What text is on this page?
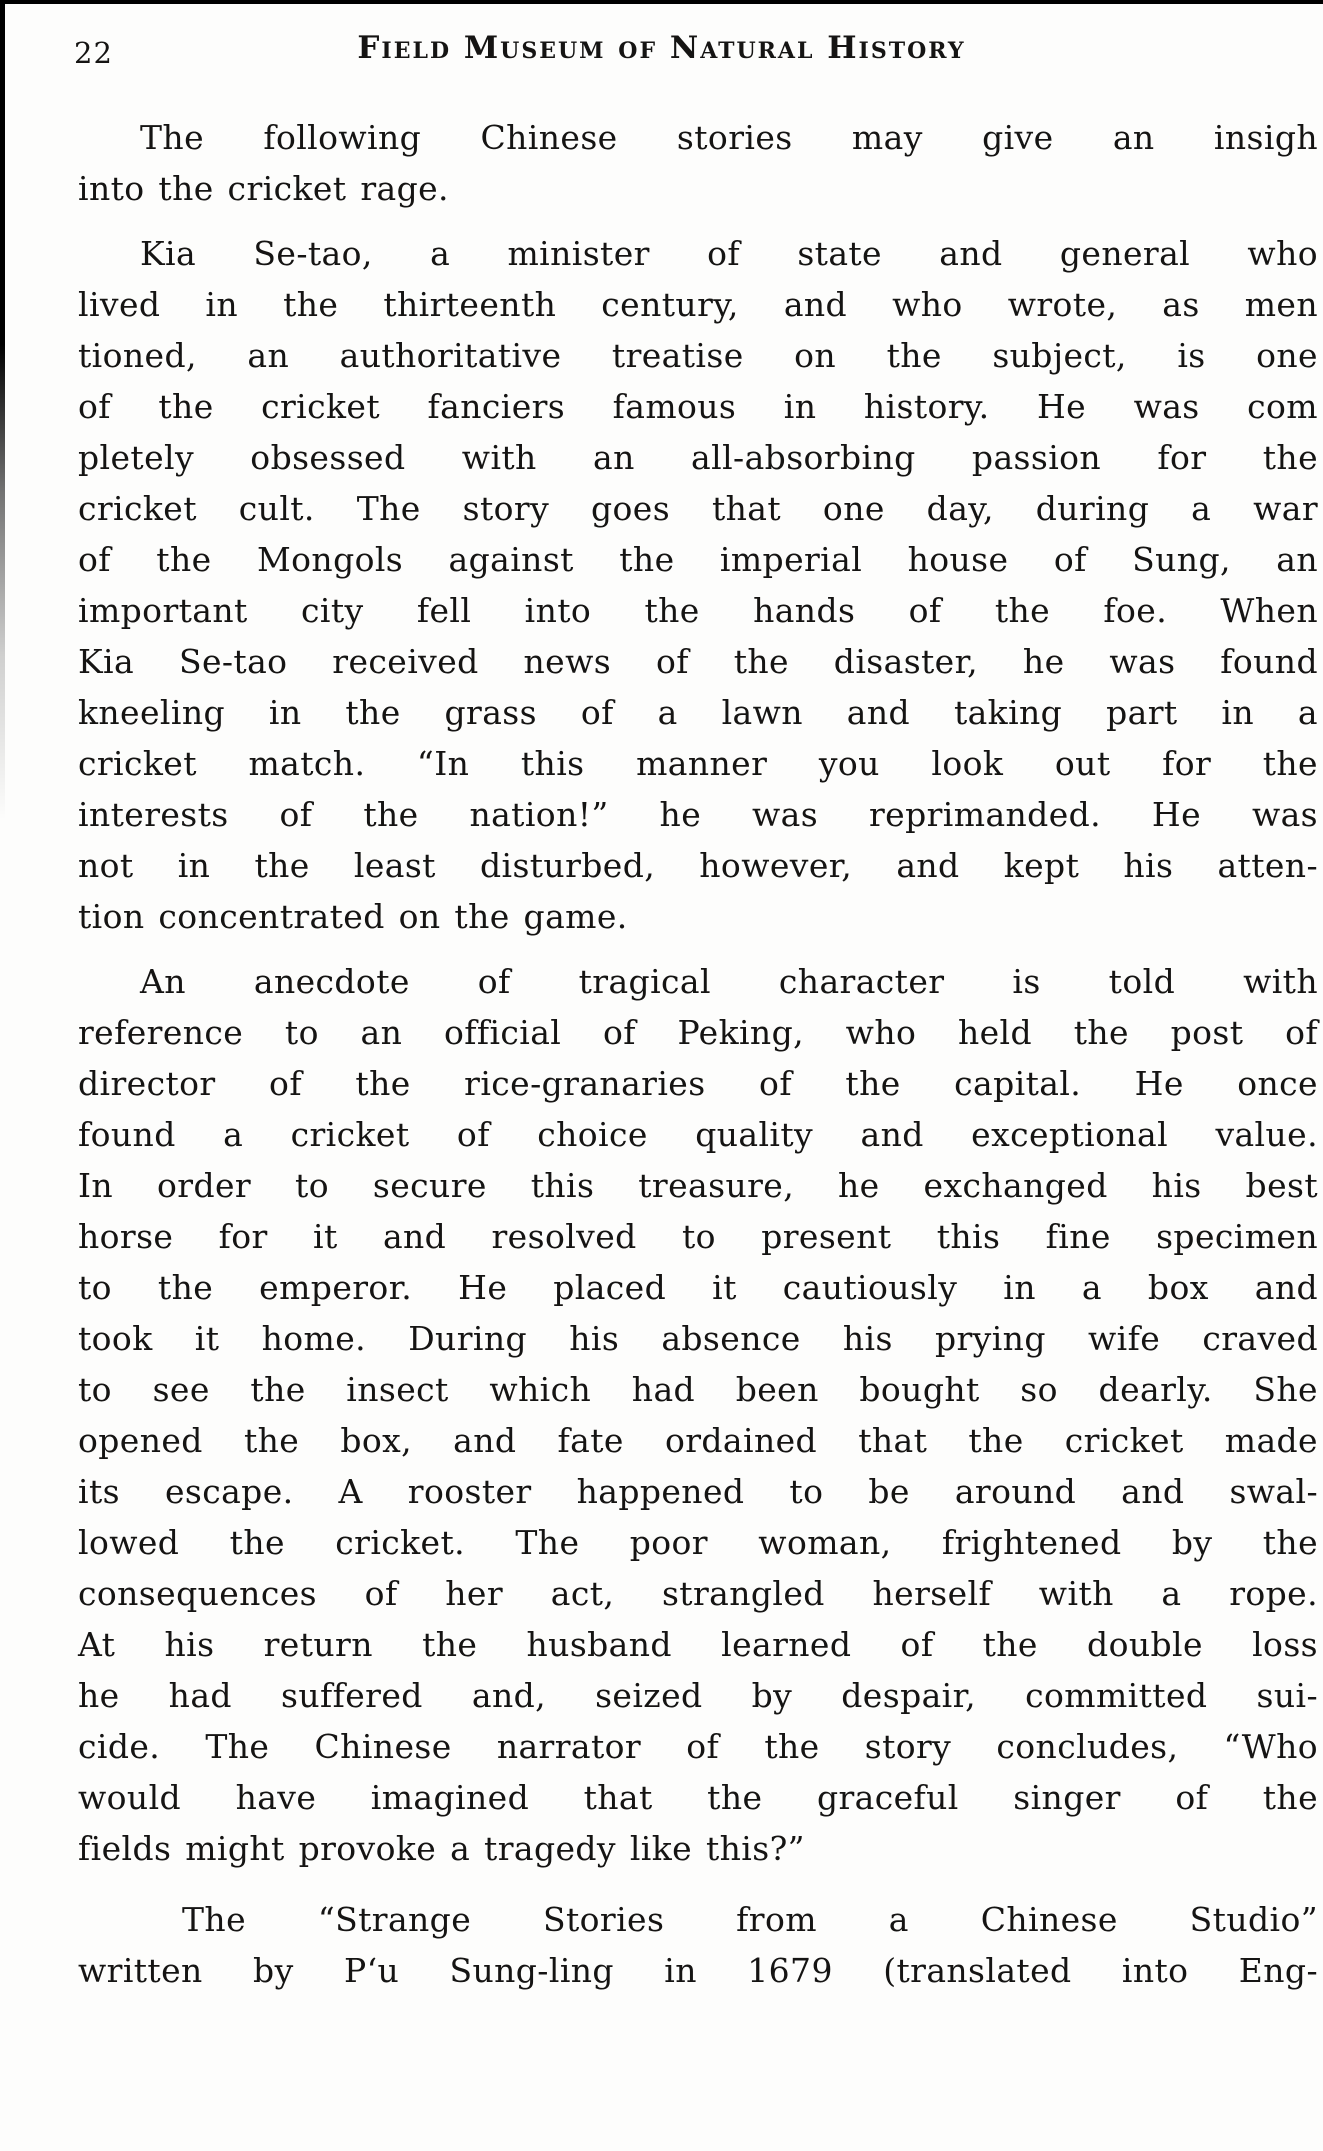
22	Field Museum of Natural History
The following Chinese stories may give an insigh
into the cricket rage.
Kia Se-tao, a minister of state and general who
lived in the thirteenth century, and who wrote, as men
tioned, an authoritative treatise on the subject, is one
of the cricket fanciers famous in history. He was com
pletely obsessed with an all-absorbing passion for the
cricket cult. The story goes that one day, during a war
of the Mongols against the imperial house of Sung, an
important city fell into the hands of the foe. When
Kia Se-tao received news of the disaster, he was found
kneeling in the grass of a lawn and taking part in a
cricket match. “In this manner you look out for the
interests of the nation!” he was reprimanded. He was
not in the least disturbed, however, and kept his atten-
tion concentrated on the game.
An anecdote of tragical character is told with
reference to an official of Peking, who held the post of
director of the rice-granaries of the capital. He once
found a cricket of choice quality and exceptional value.
In order to secure this treasure, he exchanged his best
horse for it and resolved to present this fine specimen
to the emperor. He placed it cautiously in a box and
took it home. During his absence his prying wife craved
to see the insect which had been bought so dearly. She
opened the box, and fate ordained that the cricket made
its escape. A rooster happened to be around and swal-
lowed the cricket. The poor woman, frightened by the
consequences of her act, strangled herself with a rope.
At his return the husband learned of the double loss
he had suffered and, seized by despair, committed sui-
cide. The Chinese narrator of the story concludes, “Who
would have imagined that the graceful singer of the
fields might provoke a tragedy like this?”
The “Strange Stories from a Chinese Studio”
written by P‘u Sung-ling in 1679 (translated into Eng-
